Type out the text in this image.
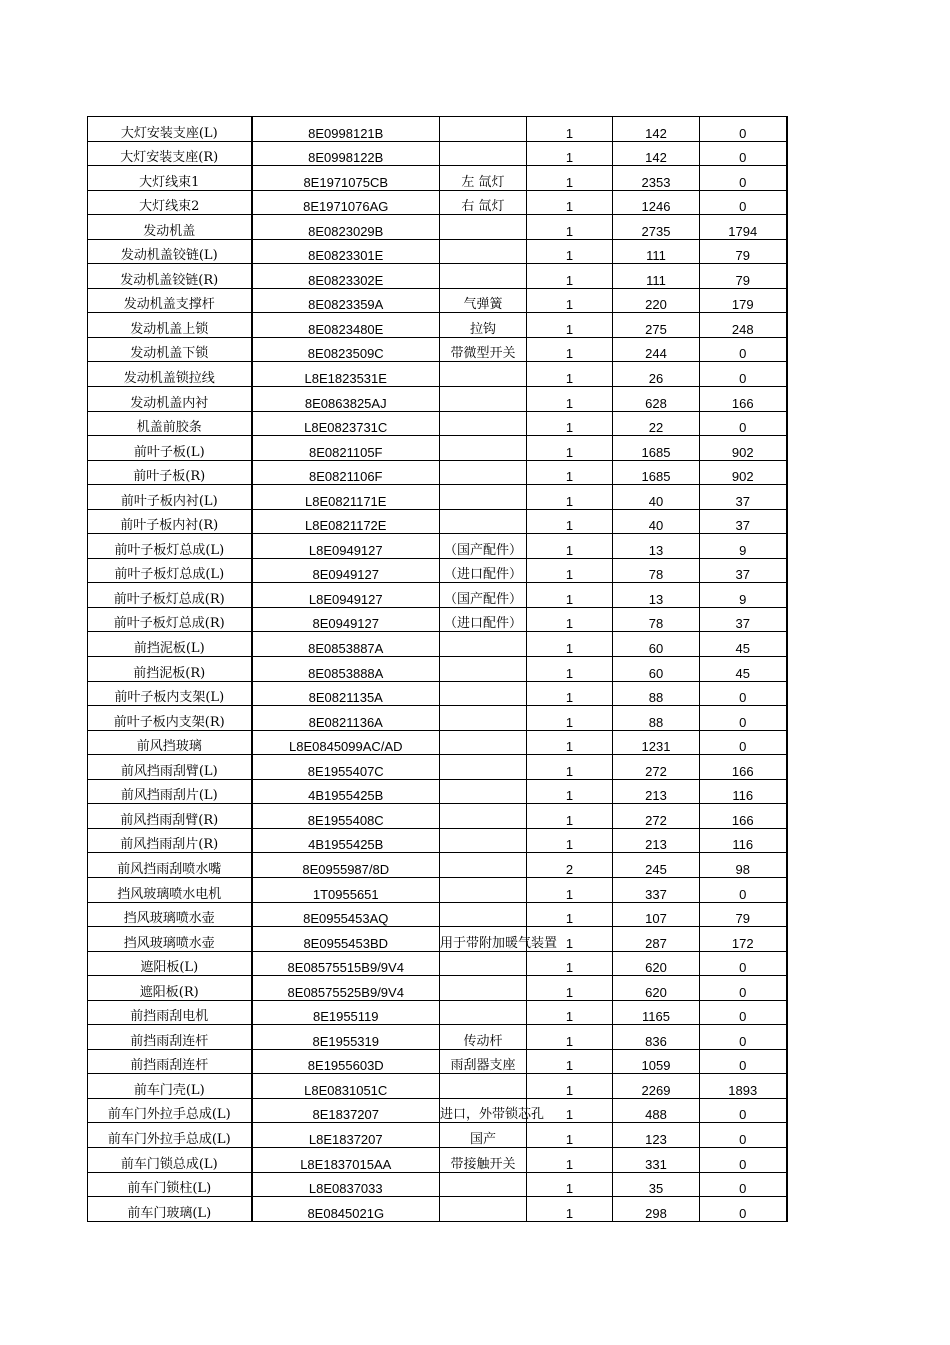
大灯安装支座(L)	8E0998121B		1	142	0
大灯安装支座(R)	8E0998122B		1	142	0
大灯线束1	8E1971075CB	左 氙灯	1	2353	0
大灯线束2	8E1971076AG	右 氙灯	1	1246	0
发动机盖	8E0823029B		1	2735	1794
发动机盖铰链(L)	8E0823301E		1	111	79
发动机盖铰链(R)	8E0823302E		1	111	79
发动机盖支撑杆	8E0823359A	气弹簧	1	220	179
发动机盖上锁	8E0823480E	拉钩	1	275	248
发动机盖下锁	8E0823509C	带微型开关	1	244	0
发动机盖锁拉线	L8E1823531E		1	26	0
发动机盖内衬	8E0863825AJ		1	628	166
机盖前胶条	L8E0823731C		1	22	0
前叶子板(L)	8E0821105F		1	1685	902
前叶子板(R)	8E0821106F		1	1685	902
前叶子板内衬(L)	L8E0821171E		1	40	37
前叶子板内衬(R)	L8E0821172E		1	40	37
前叶子板灯总成(L)	L8E0949127	（国产配件）	1	13	9
前叶子板灯总成(L)	8E0949127	（进口配件）	1	78	37
前叶子板灯总成(R)	L8E0949127	（国产配件）	1	13	9
前叶子板灯总成(R)	8E0949127	（进口配件）	1	78	37
前挡泥板(L)	8E0853887A		1	60	45
前挡泥板(R)	8E0853888A		1	60	45
前叶子板内支架(L)	8E0821135A		1	88	0
前叶子板内支架(R)	8E0821136A		1	88	0
前风挡玻璃	L8E0845099AC/AD		1	1231	0
前风挡雨刮臂(L)	8E1955407C		1	272	166
前风挡雨刮片(L)	4B1955425B		1	213	116
前风挡雨刮臂(R)	8E1955408C		1	272	166
前风挡雨刮片(R)	4B1955425B		1	213	116
前风挡雨刮喷水嘴	8E0955987/8D		2	245	98
挡风玻璃喷水电机	1T0955651		1	337	0
挡风玻璃喷水壶	8E0955453AQ		1	107	79
挡风玻璃喷水壶	8E0955453BD	用于带附加暖气装置	1	287	172
遮阳板(L)	8E08575515B9/9V4		1	620	0
遮阳板(R)	8E08575525B9/9V4		1	620	0
前挡雨刮电机	8E1955119		1	1165	0
前挡雨刮连杆	8E1955319	传动杆	1	836	0
前挡雨刮连杆	8E1955603D	雨刮器支座	1	1059	0
前车门壳(L)	L8E0831051C		1	2269	1893
前车门外拉手总成(L)	8E1837207	进口，外带锁芯孔	1	488	0
前车门外拉手总成(L)	L8E1837207	国产	1	123	0
前车门锁总成(L)	L8E1837015AA	带接触开关	1	331	0
前车门锁柱(L)	L8E0837033		1	35	0
前车门玻璃(L)	8E0845021G		1	298	0
